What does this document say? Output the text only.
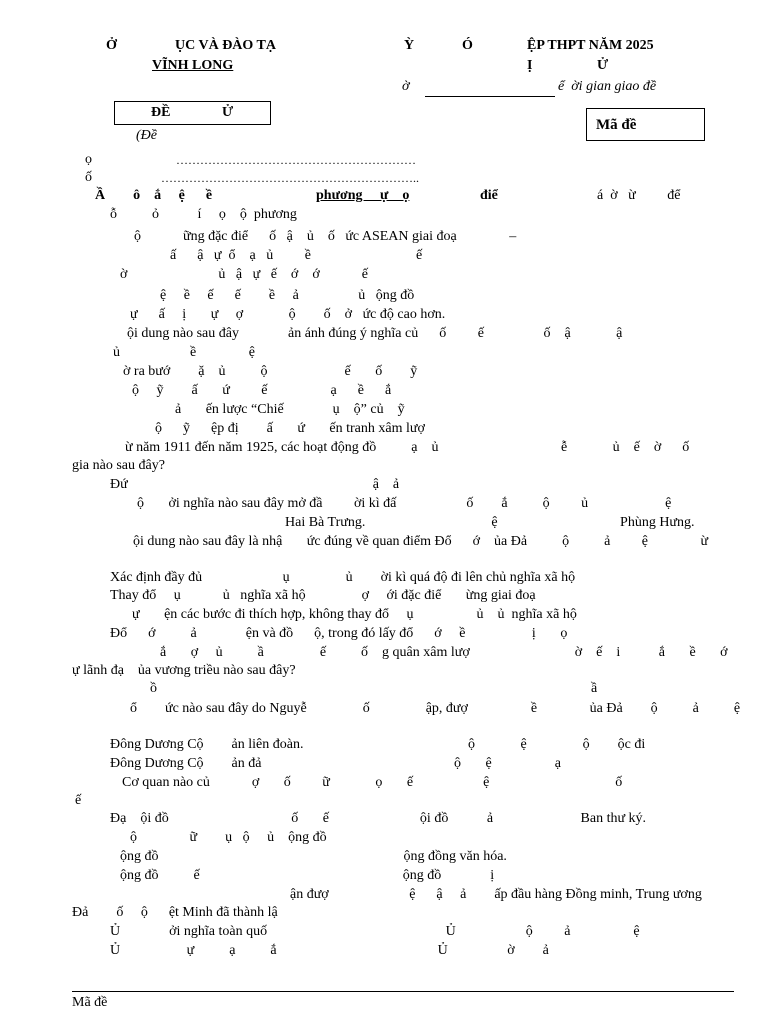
Ở	ỤC VÀ ĐÀO TẠ
VĨNH LONG
Ỳ	Ó	ỆP THPT NĂM 2025
Ị	Ử
ờ	ể  ời gian giao đề
ĐỀ	Ử
(Đề
Mã đề
ọ	……………………………………………………
ố	………………………………………………………..
Ầ        ô    ắ     ệ      ề	phương     ự    ọ	điể	á  ờ   ừ         để
ỗ          ỏ           í     ọ    ộ  phương
ộ            ững đặc điể      ố   ậ    ủ    ố   ức ASEAN giai đoạ               –
ấ      ậ   ự  ổ    ạ   ủ         ề                              ế
ờ                          ủ   ậ   ự   ế    ớ    ớ            ế
ệ     ề     ế      ế        ề     ả                 ủ   ộng đồ
ự      ấ     ị       ự     ợ             ộ        ố    ở   ức độ cao hơn.
ội dung nào sau đây              ản ánh đúng ý nghĩa củ      ố         ế                 ố    ậ             ậ
ủ                    ề               ệ
ờ ra bướ        ặ    ủ          ộ                      ế       ố        ỹ
ộ     ỹ        ấ       ứ         ế                  ạ      ề      ắ
ả       ến lược “Chiế              ụ    ộ” củ    ỹ
ộ      ỹ      ệp đị        ấ       ứ       ến tranh xâm lượ
ừ năm 1911 đến năm 1925, các hoạt động đồ          ạ    ủ                                   ễ             ủ    ế    ờ      ố
gia nào sau đây?
Đứ                                                                      ậ    ả
ộ       ởi nghĩa nào sau đây mở đầ         ời kì đấ                    ố        ắ          ộ         ủ                      ệ
Hai Bà Trưng.                                    ệ                                   Phùng Hưng.
ội dung nào sau đây là nhậ       ức đúng về quan điểm Đổ      ớ    ủa Đả          ộ          ả         ệ               ừ
Xác định đầy đủ                       ụ                ủ        ời kì quá độ đi lên chủ nghĩa xã hộ
Thay đổ     ụ            ủ   nghĩa xã hộ                ợ     ới đặc điể       ừng giai đoạ
ự       ện các bước đi thích hợp, không thay đổ     ụ                  ủ    ủ  nghĩa xã hộ
Đổ      ớ          ả              ện và đồ      ộ, trong đó lấy đổ      ớ     ề                   ị       ọ
ắ       ợ     ủ          ầ                ế          ố    g quân xâm lượ                              ờ    ế    i           ắ       ề       ớ
ự lãnh đạ    ủa vương triều nào sau đây?
ồ                                                                                                                            ầ
ổ        ức nào sau đây do Nguyễ                ố                ập, đượ                  ề               ủa Đả        ộ          ả          ệ
Đông Dương Cộ        ản liên đoàn.                                               ộ             ệ                ộ        ộc đi
Đông Dương Cộ        ản đả                                                       ộ       ệ                  ạ
Cơ quan nào củ            ợ       ố         ữ             ọ       ế                    ệ                                    ố
ế
Đạ    ội đồ                                   ố       ế                          ội đồ           ả                         Ban thư ký.
ộ               ữ        ụ   ộ     ủ    ộng đồ
ộng đồ                                                                      ộng đồng văn hóa.
ộng đồ          ế                                                          ộng đồ              ị
ận đượ                       ệ      ậ     ả        ấp đầu hàng Đồng minh, Trung ương
Đả        ố     ộ      ệt Minh đã thành lậ
Ủ              ởi nghĩa toàn quố                                                   Ủ                    ộ         ả                  ệ
Ủ                   ự          ạ          ắ                                              Ủ                 ờ        ả
Mã đề
